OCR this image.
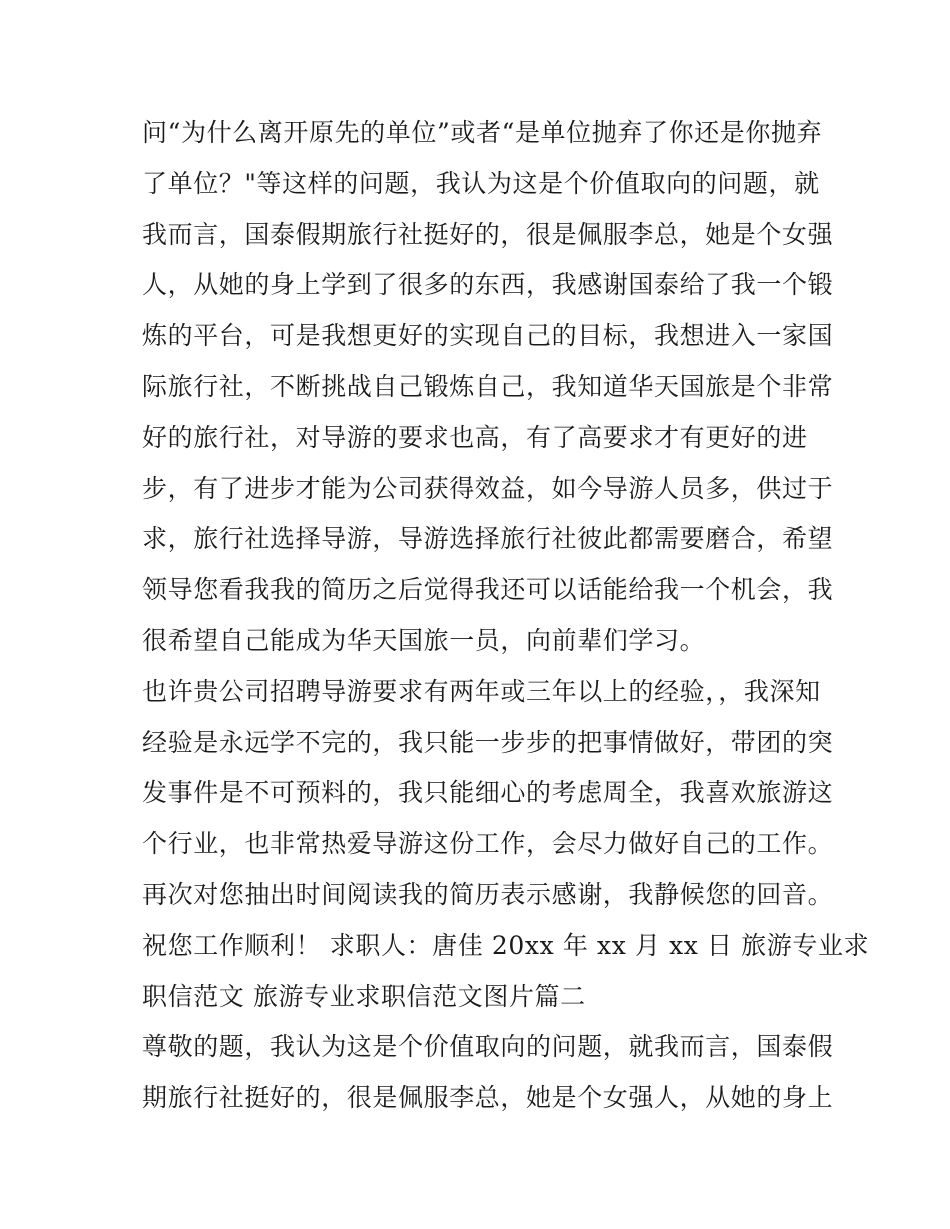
问“为什么离开原先的单位”或者“是单位抛弃了你还是你抛弃
了单位？"等这样的问题，我认为这是个价值取向的问题，就
我而言，国泰假期旅行社挺好的，很是佩服李总，她是个女强
人，从她的身上学到了很多的东西，我感谢国泰给了我一个锻
炼的平台，可是我想更好的实现自己的目标，我想进入一家国
际旅行社，不断挑战自己锻炼自己，我知道华天国旅是个非常
好的旅行社，对导游的要求也高，有了高要求才有更好的进
步，有了进步才能为公司获得效益，如今导游人员多，供过于
求，旅行社选择导游，导游选择旅行社彼此都需要磨合，希望
领导您看我我的简历之后觉得我还可以话能给我一个机会，我
很希望自己能成为华天国旅一员，向前辈们学习。
也许贵公司招聘导游要求有两年或三年以上的经验，，我深知
经验是永远学不完的，我只能一步步的把事情做好，带团的突
发事件是不可预料的，我只能细心的考虑周全，我喜欢旅游这
个行业，也非常热爱导游这份工作，会尽力做好自己的工作。
再次对您抽出时间阅读我的简历表示感谢，我静候您的回音。
祝您工作顺利！ 求职人：唐佳 20xx 年 xx 月 xx 日 旅游专业求
职信范文 旅游专业求职信范文图片篇二
尊敬的题，我认为这是个价值取向的问题，就我而言，国泰假
期旅行社挺好的，很是佩服李总，她是个女强人，从她的身上
